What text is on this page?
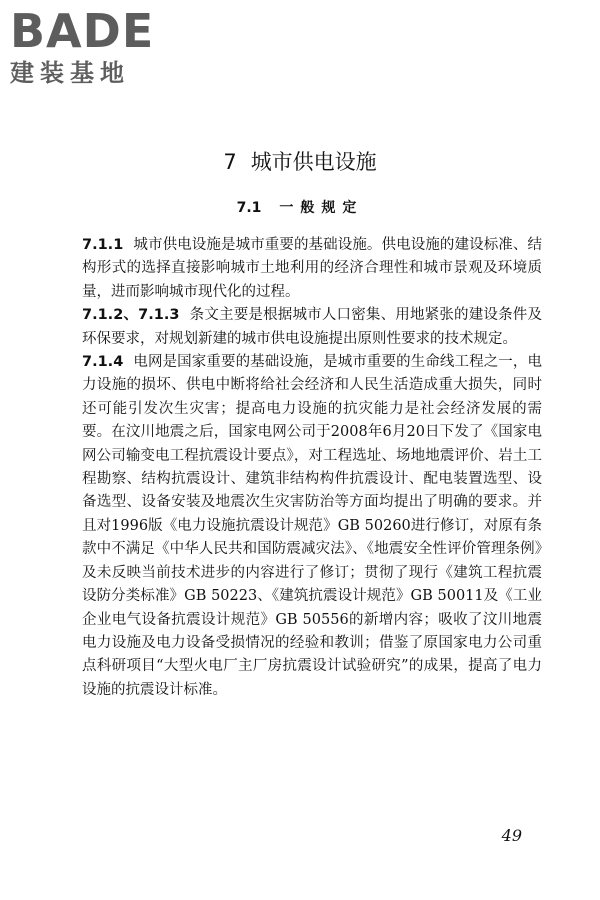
BADE
建装基地
7 城市供电设施
7.1 一般规定

7.1.1 城市供电设施是城市重要的基础设施。供电设施的建设标准、结构形式的选择直接影响城市土地利用的经济合理性和城市景观及环境质量，进而影响城市现代化的过程。

7.1.2、7.1.3 条文主要是根据城市人口密集、用地紧张的建设条件及环保要求，对规划新建的城市供电设施提出原则性要求的技术规定。

7.1.4 电网是国家重要的基础设施，是城市重要的生命线工程之一，电力设施的损坏、供电中断将给社会经济和人民生活造成重大损失，同时还可能引发次生灾害；提高电力设施的抗灾能力是社会经济发展的需要。在汶川地震之后，国家电网公司于2008年6月20日下发了《国家电网公司输变电工程抗震设计要点》，对工程选址、场地地震评价、岩土工程勘察、结构抗震设计、建筑非结构构件抗震设计、配电装置选型、设备选型、设备安装及地震次生灾害防治等方面均提出了明确的要求。并且对1996版《电力设施抗震设计规范》GB 50260进行修订，对原有条款中不满足《中华人民共和国防震减灾法》、《地震安全性评价管理条例》及未反映当前技术进步的内容进行了修订；贯彻了现行《建筑工程抗震设防分类标准》GB 50223、《建筑抗震设计规范》GB 50011及《工业企业电气设备抗震设计规范》GB 50556的新增内容；吸收了汶川地震电力设施及电力设备受损情况的经验和教训；借鉴了原国家电力公司重点科研项目“大型火电厂主厂房抗震设计试验研究”的成果，提高了电力设施的抗震设计标准。

49
